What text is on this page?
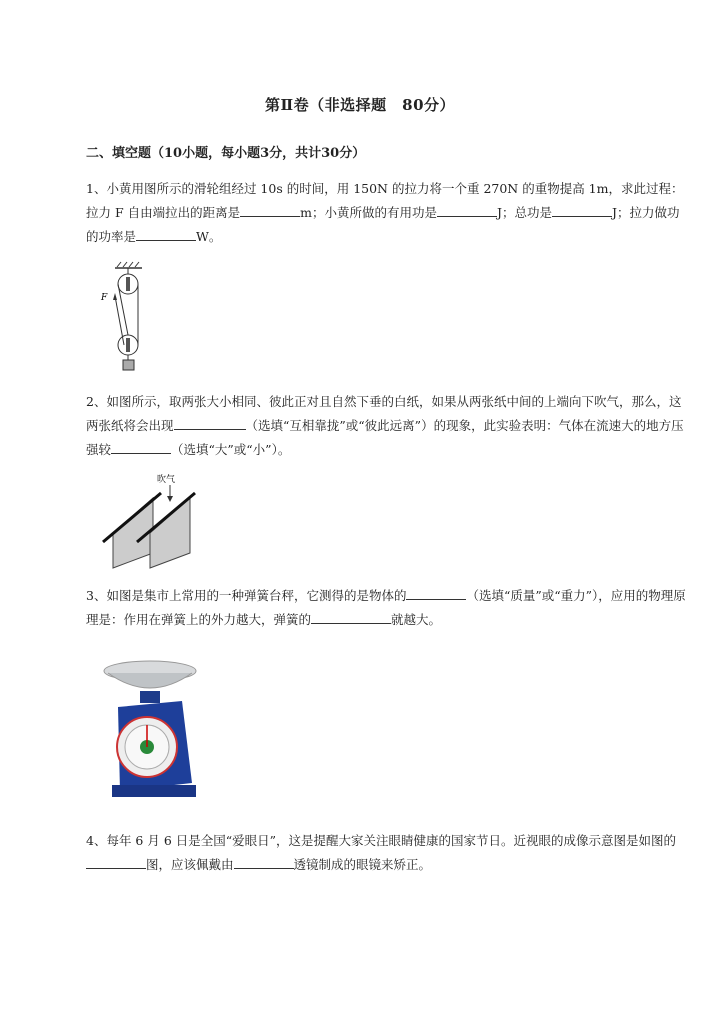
第Ⅱ卷（非选择题　80分）
二、填空题（10小题，每小题3分，共计30分）
1、小黄用图所示的滑轮组经过 10s 的时间，用 150N 的拉力将一个重 270N 的重物提高 1m，求此过程：拉力 F 自由端拉出的距离是	m；小黄所做的有用功是	J；总功是	J；拉力做功的功率是	W。
F
2、如图所示，取两张大小相同、彼此正对且自然下垂的白纸，如果从两张纸中间的上端向下吹气，那么，这两张纸将会出现	（选填“互相靠拢”或“彼此远离”）的现象，此实验表明：气体在流速大的地方压强较	（选填“大”或“小”）。
吹气
3、如图是集市上常用的一种弹簧台秤，它测得的是物体的	（选填“质量”或“重力”），应用的物理原理是：作用在弹簧上的外力越大，弹簧的	就越大。
4、每年 6 月 6 日是全国“爱眼日”，这是提醒大家关注眼睛健康的国家节日。近视眼的成像示意图是如图的图，应该佩戴由	透镜制成的眼镜来矫正。
